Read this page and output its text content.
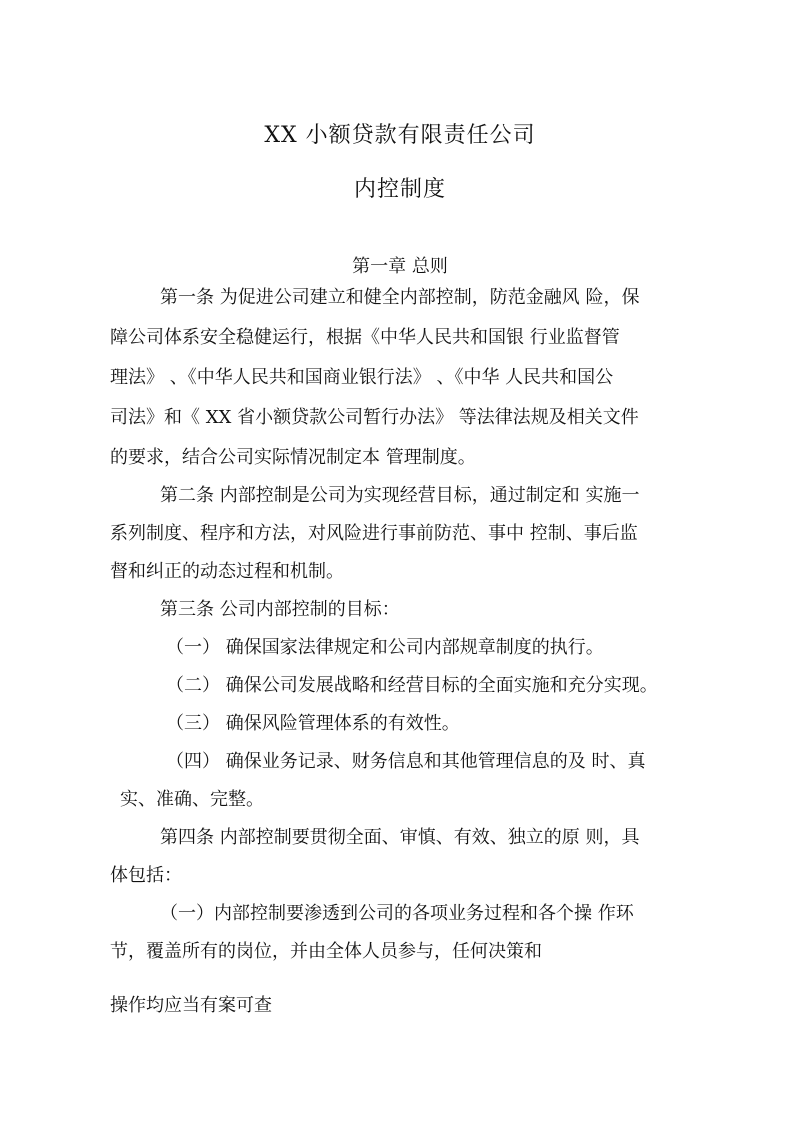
XX 小额贷款有限责任公司
内控制度
第一章 总则
第一条 为促进公司建立和健全内部控制，防范金融风 险，保
障公司体系安全稳健运行，根据《中华人民共和国银 行业监督管
理法》 、《中华人民共和国商业银行法》 、《中华 人民共和国公
司法》和《 XX 省小额贷款公司暂行办法》 等法律法规及相关文件
的要求，结合公司实际情况制定本 管理制度。
第二条 内部控制是公司为实现经营目标，通过制定和 实施一
系列制度、程序和方法，对风险进行事前防范、事中 控制、事后监
督和纠正的动态过程和机制。
第三条 公司内部控制的目标：
（一） 确保国家法律规定和公司内部规章制度的执行。
（二） 确保公司发展战略和经营目标的全面实施和充分实现。
（三） 确保风险管理体系的有效性。
（四） 确保业务记录、财务信息和其他管理信息的及 时、真
实、准确、完整。
第四条 内部控制要贯彻全面、审慎、有效、独立的原 则，具
体包括：
（一）内部控制要渗透到公司的各项业务过程和各个操 作环
节，覆盖所有的岗位，并由全体人员参与，任何决策和
操作均应当有案可查
